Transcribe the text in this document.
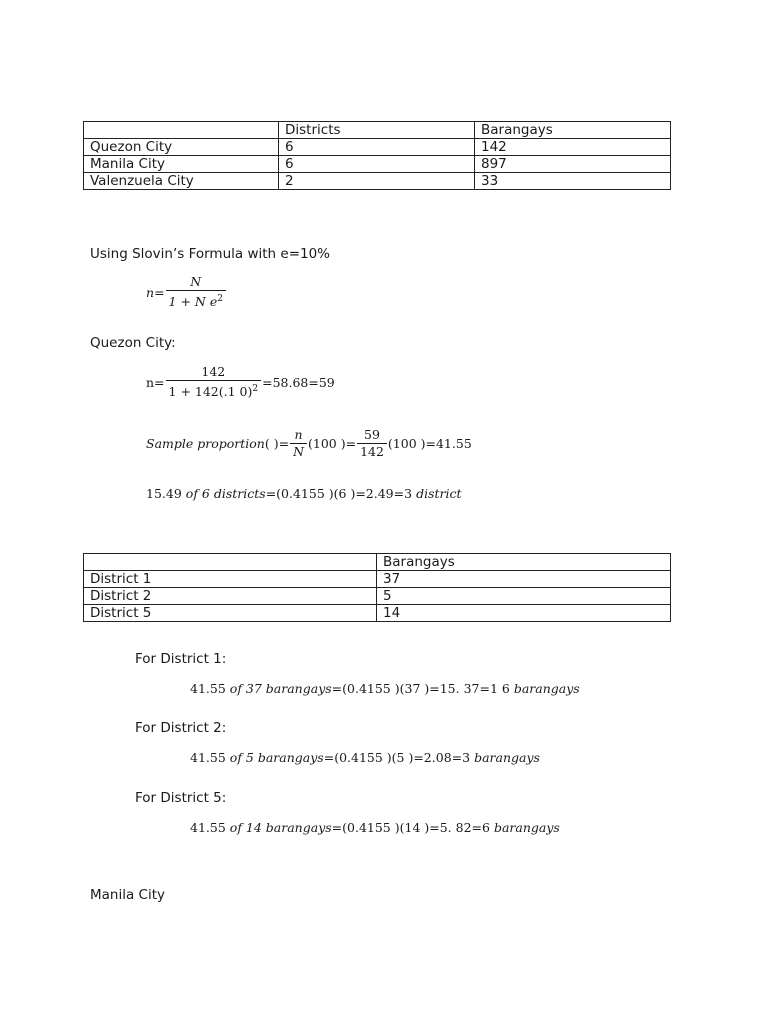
	Districts	Barangays
Quezon City	6	142
Manila City	6	897
Valenzuela City	2	33
Using Slovin’s Formula with e=10%
$n = \frac{N}{1 + N e^2}$
Quezon City:
$n= \frac{142}{1 + 142(.1 0)^2} =58.68=59$
Sample proportion ( ) = $\frac{n}{N} (100$ )= $\frac{59}{142} (100$ )=41.55
15.49 of 6 districts =(0.4155 )(6 )=2.49=3 district
	Barangays
District 1	37
District 2	5
District 5	14
For District 1:
41.55 of 37 barangays =(0.4155 )(37 )=15. 37=1 6 barangays
For District 2:
41.55 of 5 barangays =(0.4155 )(5 )=2.08=3 barangays
For District 5:
41.55 of 14 barangays =(0.4155 )(14 )=5. 82=6 barangays
Manila City
